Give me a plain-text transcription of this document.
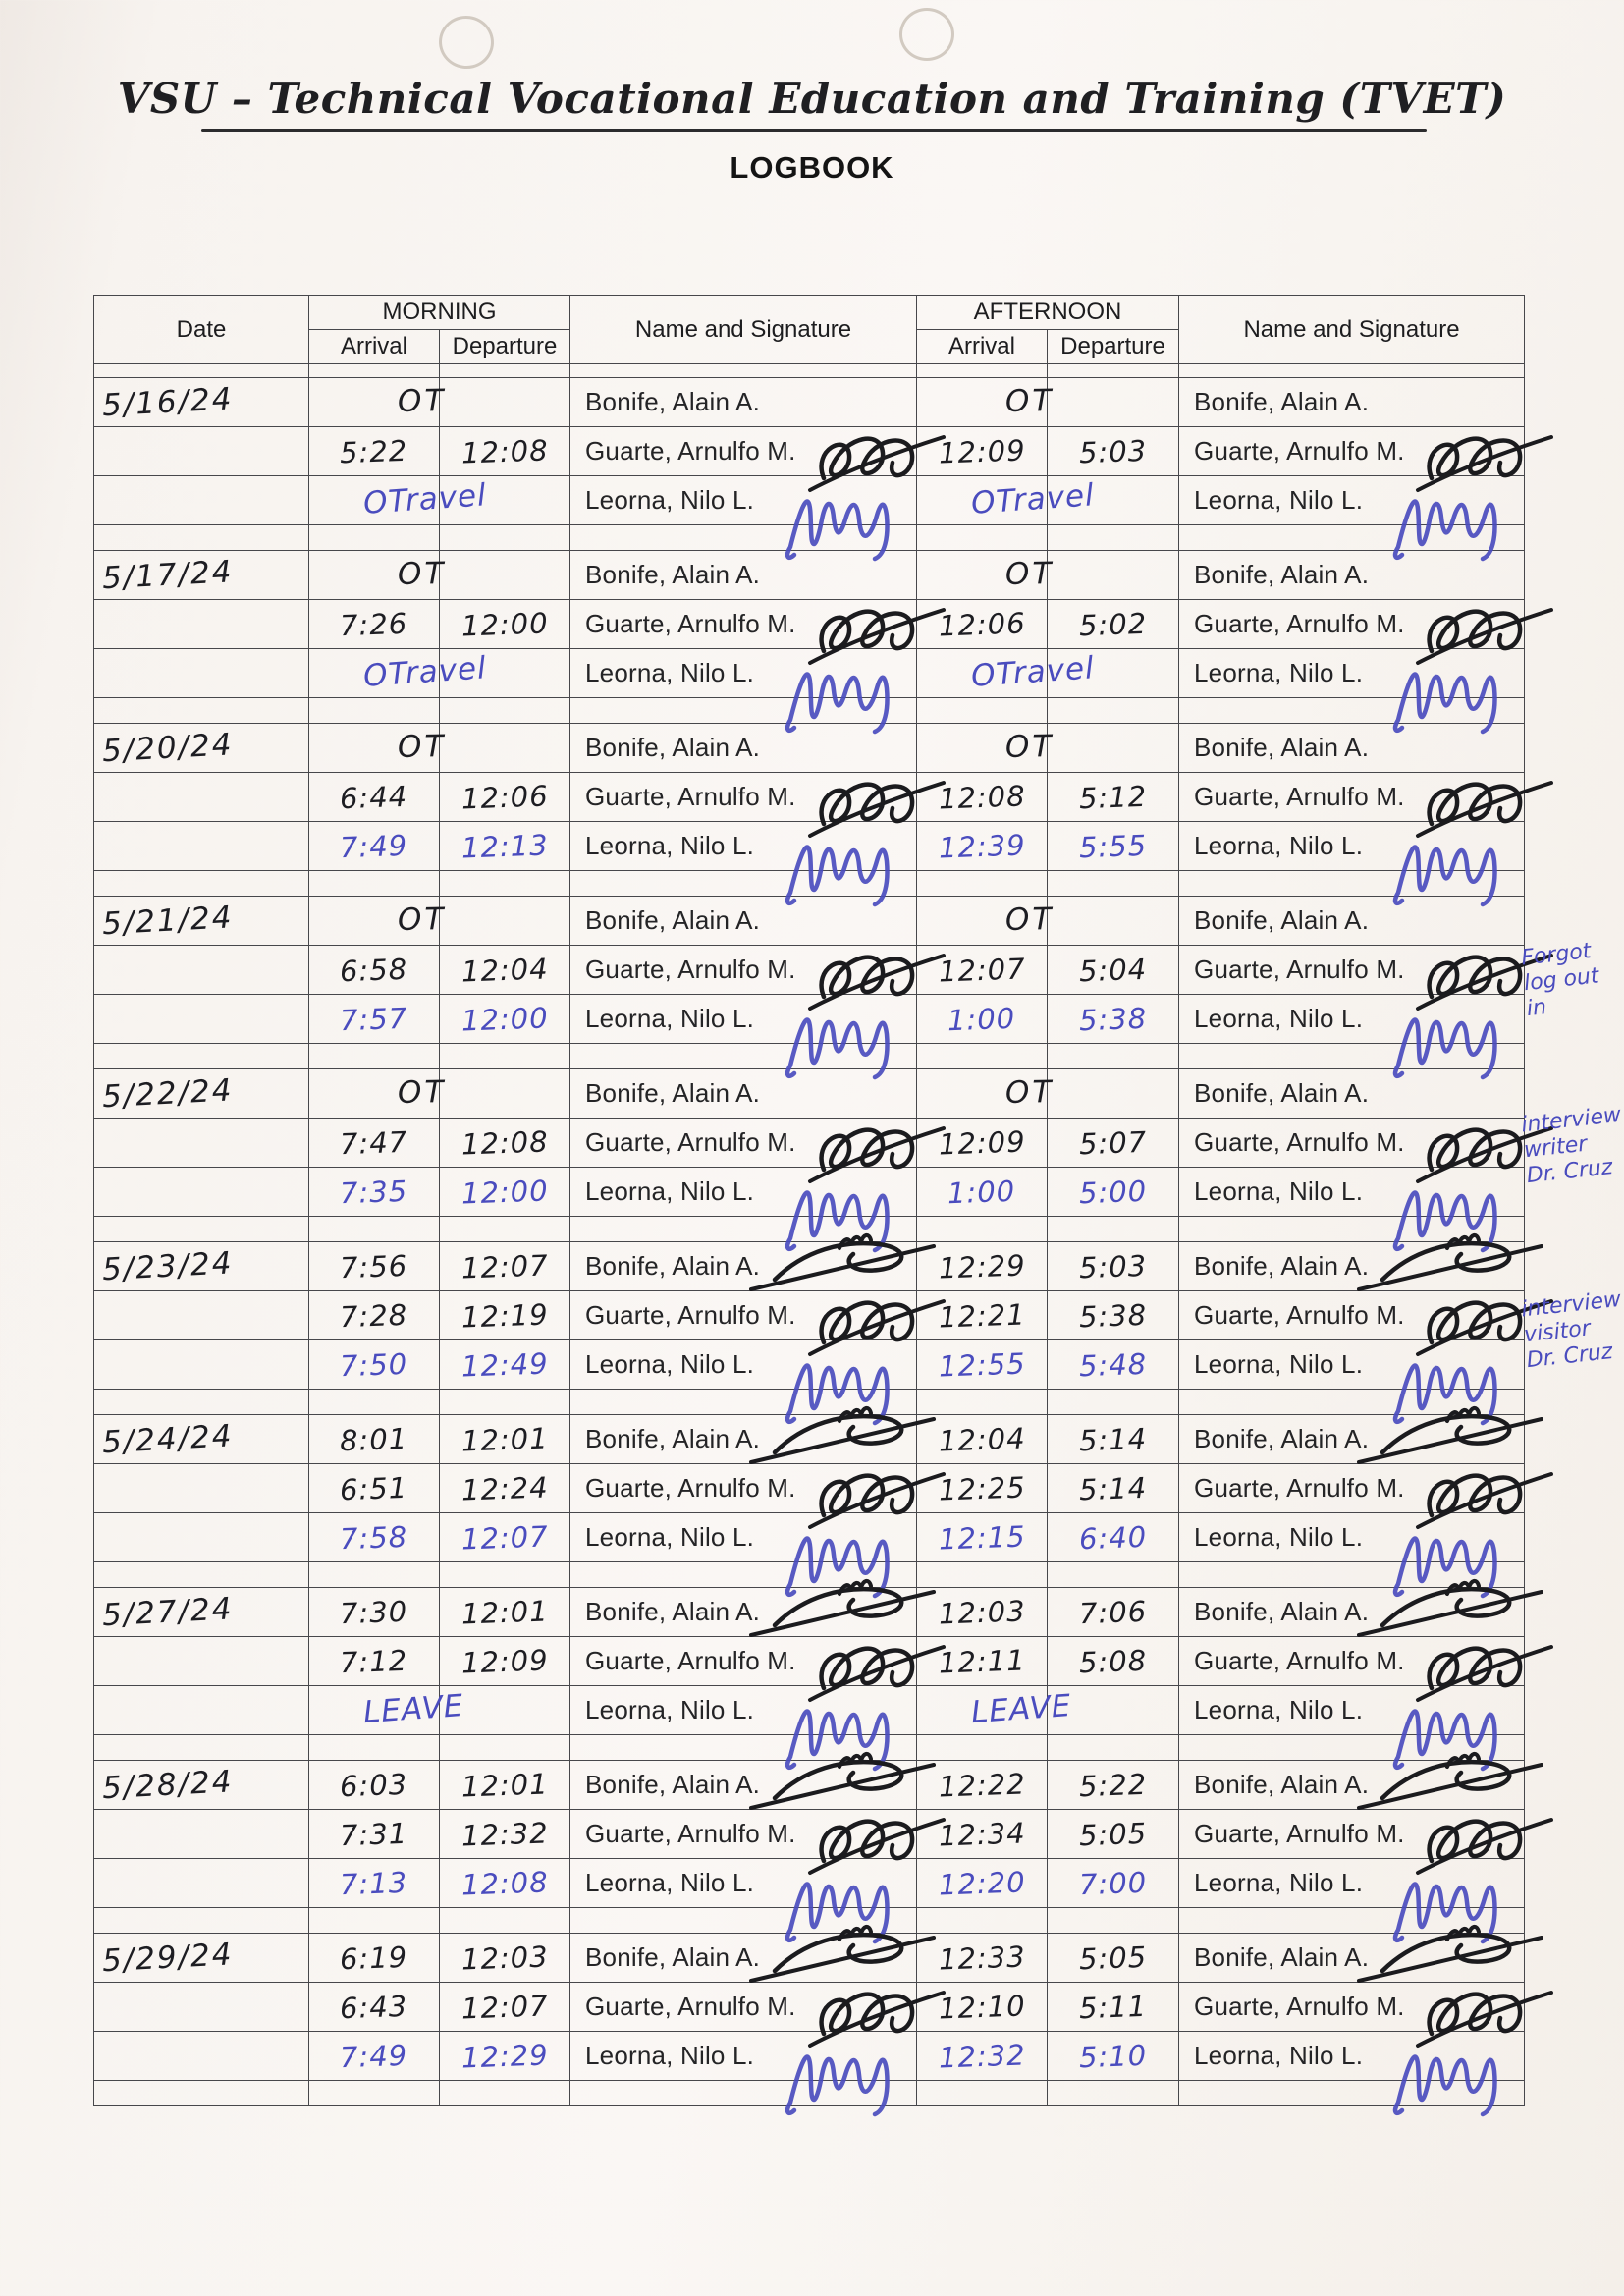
VSU – Technical Vocational Education and Training (TVET)
LOGBOOK
Date	MORNING		Name and Signature	AFTERNOON		Name and Signature
	Arrival	Departure		Arrival	Departure	

5/16/24	OT		Bonife, Alain A.	OT		Bonife, Alain A.
	5:22	12:08	Guarte, Arnulfo M.	12:09	5:03	Guarte, Arnulfo M.

	OTravel		Leorna, Nilo L.	OTravel		Leorna, Nilo L.

5/17/24	OT		Bonife, Alain A.	OT		Bonife, Alain A.
	7:26	12:00	Guarte, Arnulfo M.	12:06	5:02	Guarte, Arnulfo M.

	OTravel		Leorna, Nilo L.	OTravel		Leorna, Nilo L.

5/20/24	OT		Bonife, Alain A.	OT		Bonife, Alain A.
	6:44	12:06	Guarte, Arnulfo M.	12:08	5:12	Guarte, Arnulfo M.

	7:49	12:13	Leorna, Nilo L.	12:39	5:55	Leorna, Nilo L.

5/21/24	OT		Bonife, Alain A.	OT		Bonife, Alain A.
	6:58	12:04	Guarte, Arnulfo M.	12:07	5:04	Guarte, Arnulfo M.

	7:57	12:00	Leorna, Nilo L.	1:00	5:38	Leorna, Nilo L.

5/22/24	OT		Bonife, Alain A.	OT		Bonife, Alain A.
	7:47	12:08	Guarte, Arnulfo M.	12:09	5:07	Guarte, Arnulfo M.

	7:35	12:00	Leorna, Nilo L.	1:00	5:00	Leorna, Nilo L.

5/23/24	7:56	12:07	Bonife, Alain A.	12:29	5:03	Bonife, Alain A.

	7:28	12:19	Guarte, Arnulfo M.	12:21	5:38	Guarte, Arnulfo M.

	7:50	12:49	Leorna, Nilo L.	12:55	5:48	Leorna, Nilo L.

5/24/24	8:01	12:01	Bonife, Alain A.	12:04	5:14	Bonife, Alain A.

	6:51	12:24	Guarte, Arnulfo M.	12:25	5:14	Guarte, Arnulfo M.

	7:58	12:07	Leorna, Nilo L.	12:15	6:40	Leorna, Nilo L.

5/27/24	7:30	12:01	Bonife, Alain A.	12:03	7:06	Bonife, Alain A.

	7:12	12:09	Guarte, Arnulfo M.	12:11	5:08	Guarte, Arnulfo M.

	LEAVE		Leorna, Nilo L.	LEAVE		Leorna, Nilo L.

5/28/24	6:03	12:01	Bonife, Alain A.	12:22	5:22	Bonife, Alain A.

	7:31	12:32	Guarte, Arnulfo M.	12:34	5:05	Guarte, Arnulfo M.

	7:13	12:08	Leorna, Nilo L.	12:20	7:00	Leorna, Nilo L.

5/29/24	6:19	12:03	Bonife, Alain A.	12:33	5:05	Bonife, Alain A.

	6:43	12:07	Guarte, Arnulfo M.	12:10	5:11	Guarte, Arnulfo M.

	7:49	12:29	Leorna, Nilo L.	12:32	5:10	Leorna, Nilo L.

Forgot
log out
in
interview
writer
Dr. Cruz
interview
visitor
Dr. Cruz
